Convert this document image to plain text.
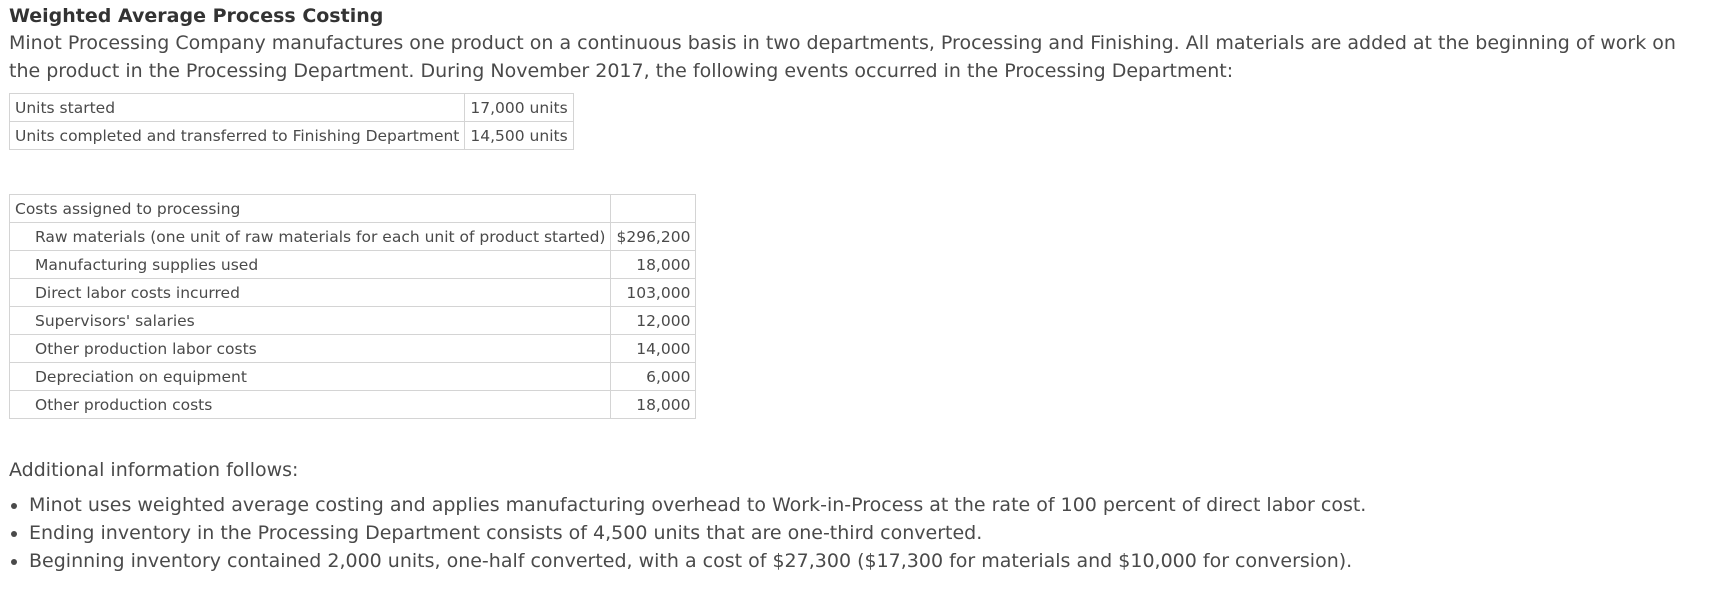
Weighted Average Process Costing
Minot Processing Company manufactures one product on a continuous basis in two departments, Processing and Finishing. All materials are added at the beginning of work on the product in the Processing Department. During November 2017, the following events occurred in the Processing Department:
Units started	17,000 units
Units completed and transferred to Finishing Department	14,500 units
Costs assigned to processing	
Raw materials (one unit of raw materials for each unit of product started)	$296,200
Manufacturing supplies used	18,000
Direct labor costs incurred	103,000
Supervisors' salaries	12,000
Other production labor costs	14,000
Depreciation on equipment	6,000
Other production costs	18,000
Additional information follows:
• Minot uses weighted average costing and applies manufacturing overhead to Work-in-Process at the rate of 100 percent of direct labor cost.
• Ending inventory in the Processing Department consists of 4,500 units that are one-third converted.
• Beginning inventory contained 2,000 units, one-half converted, with a cost of $27,300 ($17,300 for materials and $10,000 for conversion).
